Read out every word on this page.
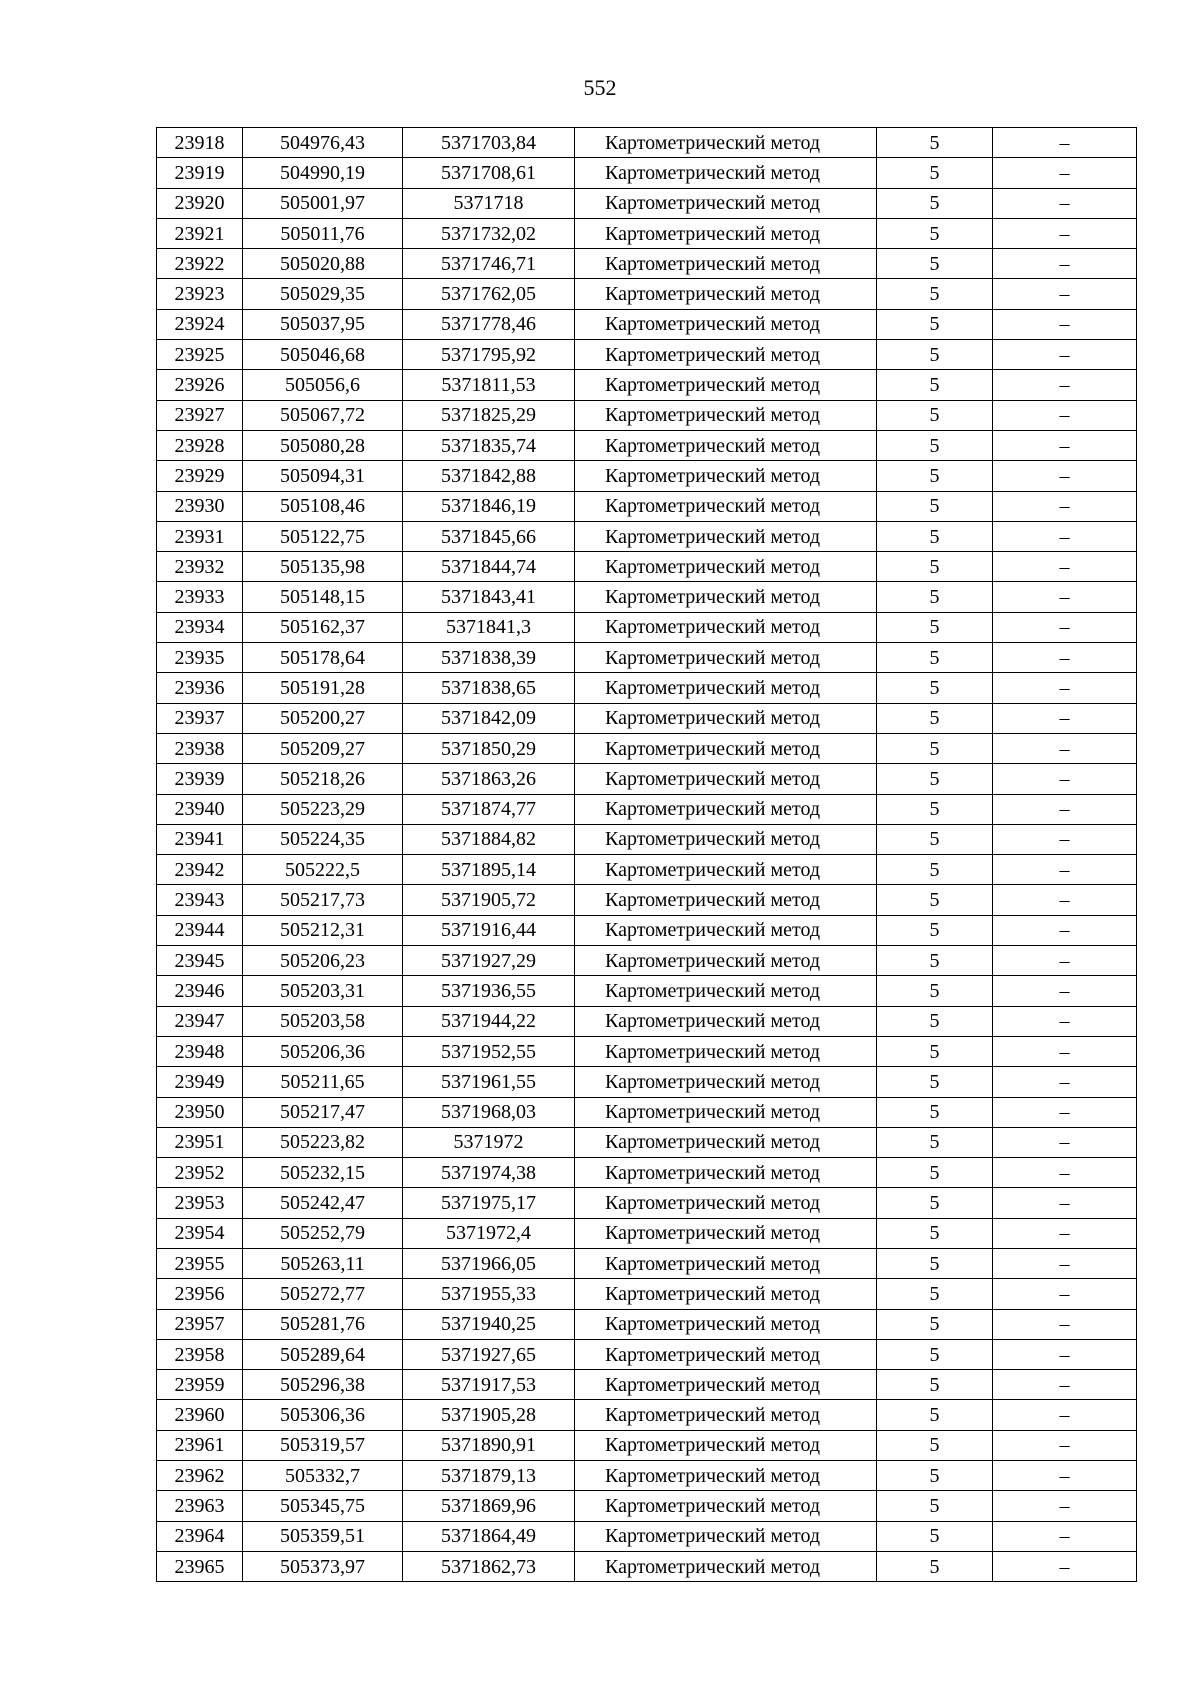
552
23918	504976,43	5371703,84	Картометрический метод	5	–
23919	504990,19	5371708,61	Картометрический метод	5	–
23920	505001,97	5371718	Картометрический метод	5	–
23921	505011,76	5371732,02	Картометрический метод	5	–
23922	505020,88	5371746,71	Картометрический метод	5	–
23923	505029,35	5371762,05	Картометрический метод	5	–
23924	505037,95	5371778,46	Картометрический метод	5	–
23925	505046,68	5371795,92	Картометрический метод	5	–
23926	505056,6	5371811,53	Картометрический метод	5	–
23927	505067,72	5371825,29	Картометрический метод	5	–
23928	505080,28	5371835,74	Картометрический метод	5	–
23929	505094,31	5371842,88	Картометрический метод	5	–
23930	505108,46	5371846,19	Картометрический метод	5	–
23931	505122,75	5371845,66	Картометрический метод	5	–
23932	505135,98	5371844,74	Картометрический метод	5	–
23933	505148,15	5371843,41	Картометрический метод	5	–
23934	505162,37	5371841,3	Картометрический метод	5	–
23935	505178,64	5371838,39	Картометрический метод	5	–
23936	505191,28	5371838,65	Картометрический метод	5	–
23937	505200,27	5371842,09	Картометрический метод	5	–
23938	505209,27	5371850,29	Картометрический метод	5	–
23939	505218,26	5371863,26	Картометрический метод	5	–
23940	505223,29	5371874,77	Картометрический метод	5	–
23941	505224,35	5371884,82	Картометрический метод	5	–
23942	505222,5	5371895,14	Картометрический метод	5	–
23943	505217,73	5371905,72	Картометрический метод	5	–
23944	505212,31	5371916,44	Картометрический метод	5	–
23945	505206,23	5371927,29	Картометрический метод	5	–
23946	505203,31	5371936,55	Картометрический метод	5	–
23947	505203,58	5371944,22	Картометрический метод	5	–
23948	505206,36	5371952,55	Картометрический метод	5	–
23949	505211,65	5371961,55	Картометрический метод	5	–
23950	505217,47	5371968,03	Картометрический метод	5	–
23951	505223,82	5371972	Картометрический метод	5	–
23952	505232,15	5371974,38	Картометрический метод	5	–
23953	505242,47	5371975,17	Картометрический метод	5	–
23954	505252,79	5371972,4	Картометрический метод	5	–
23955	505263,11	5371966,05	Картометрический метод	5	–
23956	505272,77	5371955,33	Картометрический метод	5	–
23957	505281,76	5371940,25	Картометрический метод	5	–
23958	505289,64	5371927,65	Картометрический метод	5	–
23959	505296,38	5371917,53	Картометрический метод	5	–
23960	505306,36	5371905,28	Картометрический метод	5	–
23961	505319,57	5371890,91	Картометрический метод	5	–
23962	505332,7	5371879,13	Картометрический метод	5	–
23963	505345,75	5371869,96	Картометрический метод	5	–
23964	505359,51	5371864,49	Картометрический метод	5	–
23965	505373,97	5371862,73	Картометрический метод	5	–
